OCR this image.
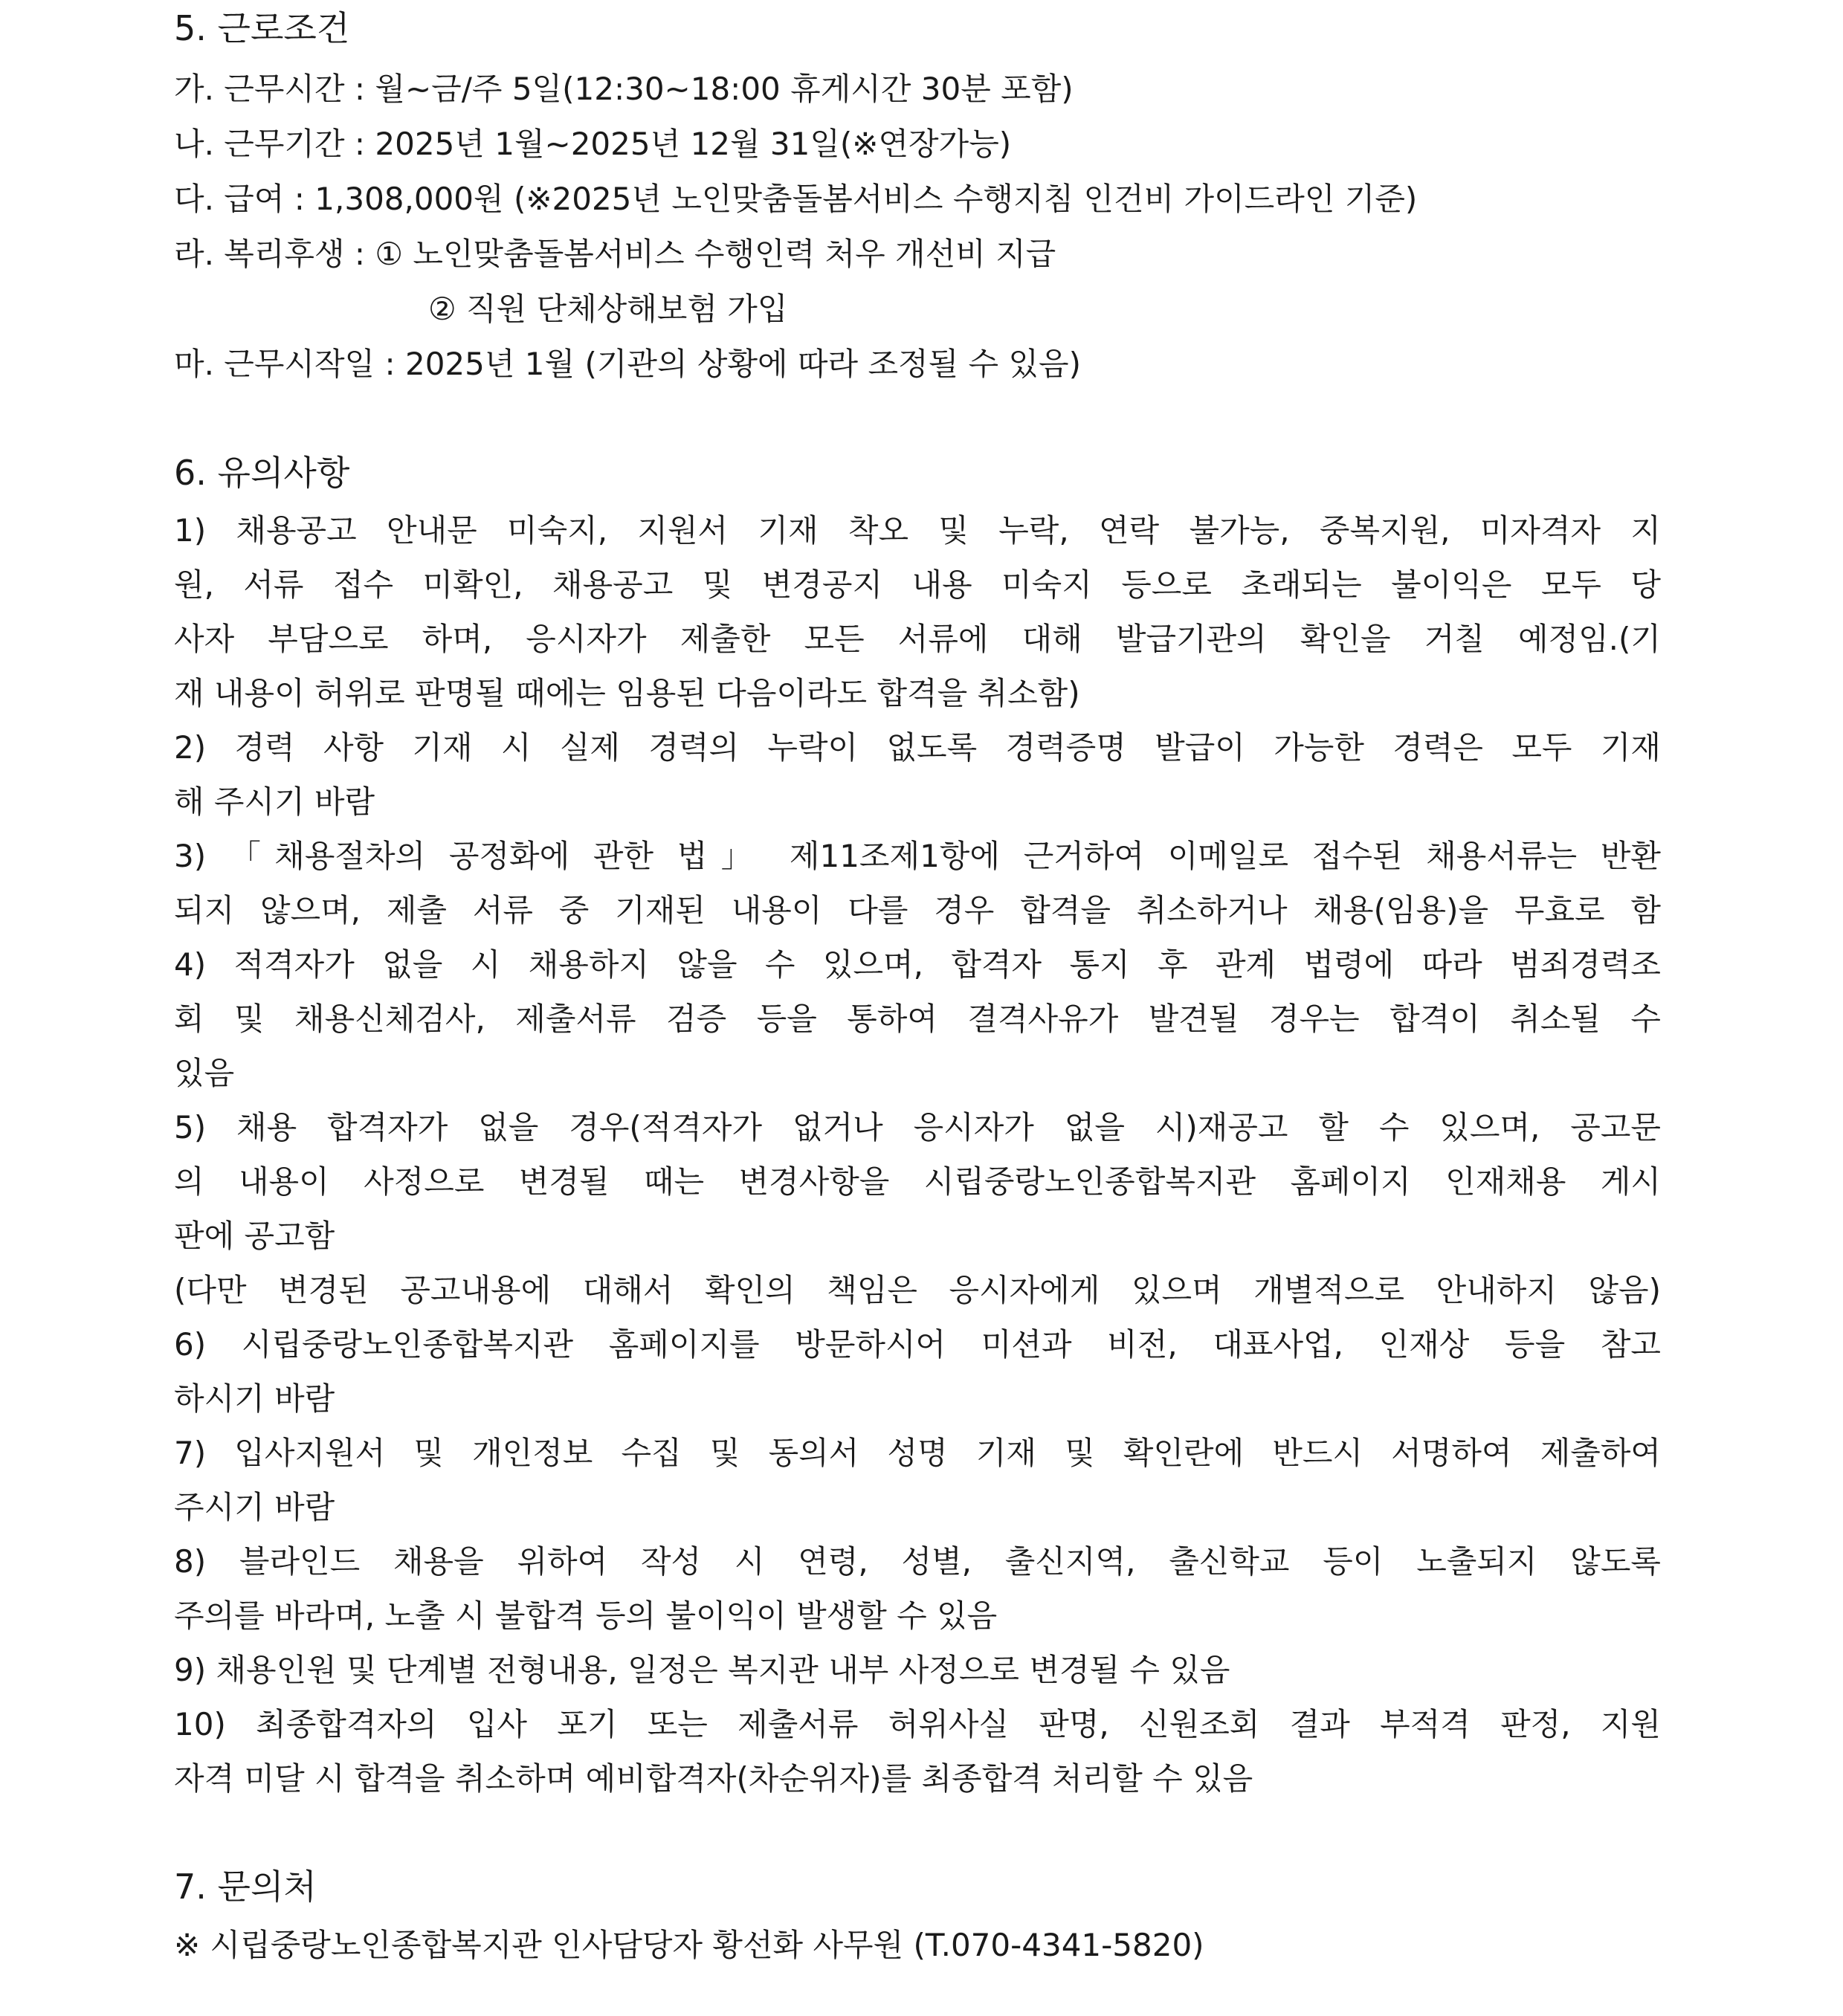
5. 근로조건
가. 근무시간 : 월~금/주 5일(12:30~18:00 휴게시간 30분 포함)
나. 근무기간 : 2025년 1월~2025년 12월 31일(※연장가능)
다. 급여 : 1,308,000원 (※2025년 노인맞춤돌봄서비스 수행지침 인건비 가이드라인 기준)
라. 복리후생 : ① 노인맞춤돌봄서비스 수행인력 처우 개선비 지급
② 직원 단체상해보험 가입
마. 근무시작일 : 2025년 1월 (기관의 상황에 따라 조정될 수 있음)
6. 유의사항
1) 채용공고 안내문 미숙지, 지원서 기재 착오 및 누락, 연락 불가능, 중복지원, 미자격자 지
원, 서류 접수 미확인, 채용공고 및 변경공지 내용 미숙지 등으로 초래되는 불이익은 모두 당
사자 부담으로 하며, 응시자가 제출한 모든 서류에 대해 발급기관의 확인을 거칠 예정임.(기
재 내용이 허위로 판명될 때에는 임용된 다음이라도 합격을 취소함)
2) 경력 사항 기재 시 실제 경력의 누락이 없도록 경력증명 발급이 가능한 경력은 모두 기재
해 주시기 바람
3) 「채용절차의 공정화에 관한 법」 제11조제1항에 근거하여 이메일로 접수된 채용서류는 반환
되지 않으며, 제출 서류 중 기재된 내용이 다를 경우 합격을 취소하거나 채용(임용)을 무효로 함
4) 적격자가 없을 시 채용하지 않을 수 있으며, 합격자 통지 후 관계 법령에 따라 범죄경력조
회 및 채용신체검사, 제출서류 검증 등을 통하여 결격사유가 발견될 경우는 합격이 취소될 수
있음
5) 채용 합격자가 없을 경우(적격자가 없거나 응시자가 없을 시)재공고 할 수 있으며, 공고문
의 내용이 사정으로 변경될 때는 변경사항을 시립중랑노인종합복지관 홈페이지 인재채용 게시
판에 공고함
(다만 변경된 공고내용에 대해서 확인의 책임은 응시자에게 있으며 개별적으로 안내하지 않음)
6) 시립중랑노인종합복지관 홈페이지를 방문하시어 미션과 비전, 대표사업, 인재상 등을 참고
하시기 바람
7) 입사지원서 및 개인정보 수집 및 동의서 성명 기재 및 확인란에 반드시 서명하여 제출하여
주시기 바람
8) 블라인드 채용을 위하여 작성 시 연령, 성별, 출신지역, 출신학교 등이 노출되지 않도록
주의를 바라며, 노출 시 불합격 등의 불이익이 발생할 수 있음
9) 채용인원 및 단계별 전형내용, 일정은 복지관 내부 사정으로 변경될 수 있음
10) 최종합격자의 입사 포기 또는 제출서류 허위사실 판명, 신원조회 결과 부적격 판정, 지원
자격 미달 시 합격을 취소하며 예비합격자(차순위자)를 최종합격 처리할 수 있음
7. 문의처
※ 시립중랑노인종합복지관 인사담당자 황선화 사무원 (T.070-4341-5820)
